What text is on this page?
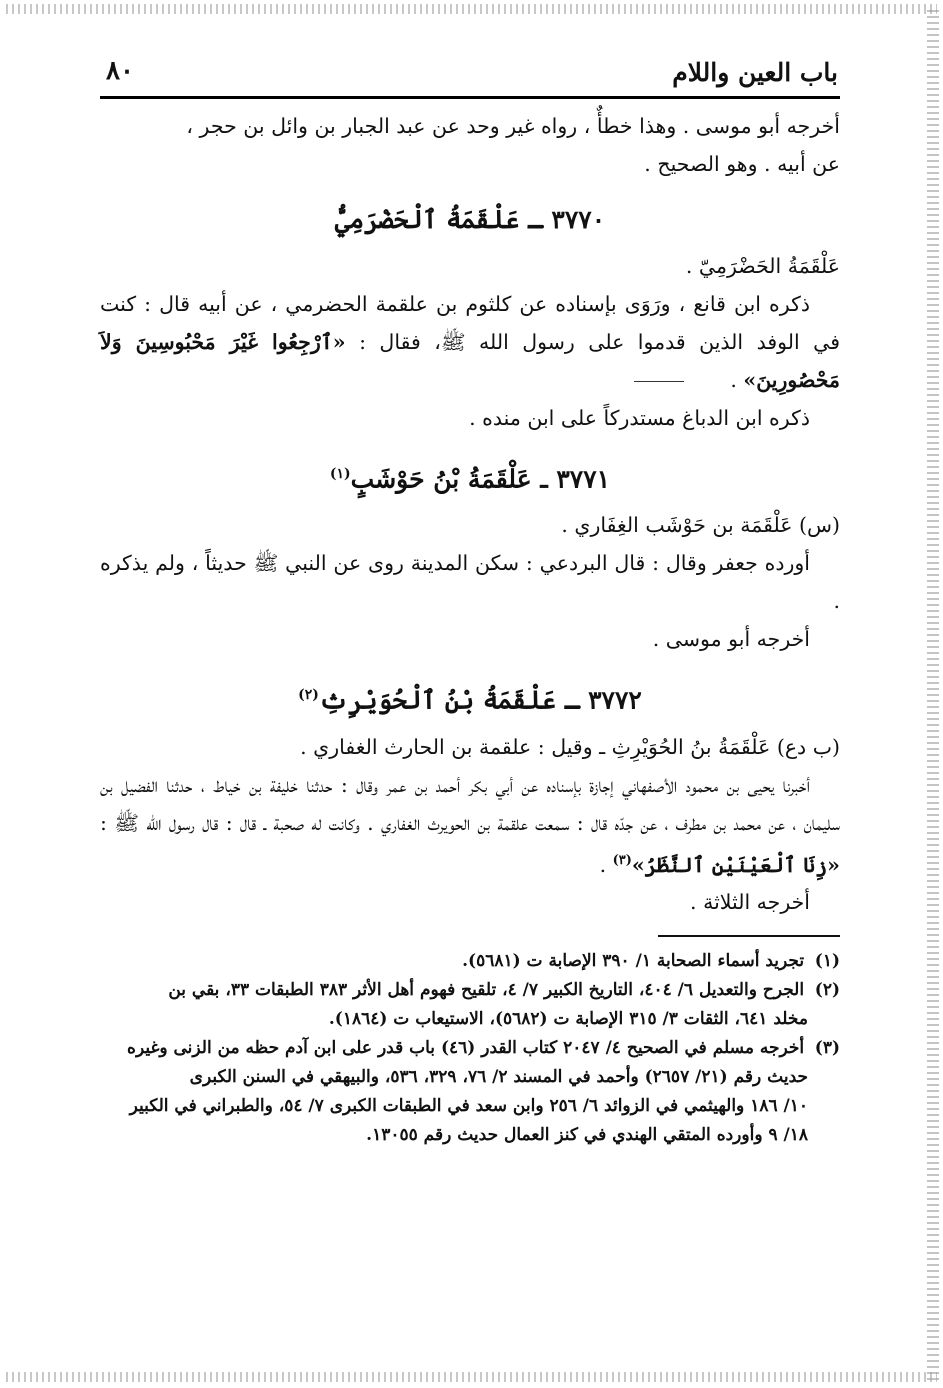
باب العين واللام
٨٠

أخرجه أبو موسى . وهذا خطأٌ ، رواه غير وحد عن عبد الجبار بن وائل بن حجر ،
عن أبيه . وهو الصحيح .

٣٧٧٠ ـ عَلْقَمَةُ ٱلْحَضْرَمِيُّ

عَلْقَمَةُ الحَضْرَمِيّ .

ذكره ابن قانع ، ورَوَى بإسناده عن كلثوم بن علقمة الحضرمي ، عن أبيه قال : كنت في الوفد الذين قدموا على رسول الله ﷺ، فقال : «ٱرْجِعُوا غَيْرَ مَحْبُوسِينَ وَلاَ مَحْصُورِينَ» .

ذكره ابن الدباغ مستدركاً على ابن منده .

٣٧٧١ ـ عَلْقَمَةُ بْنُ حَوْشَبٍ$^{(١)}$

(س) عَلْقَمَة بن حَوْشَب الغِفَاري .

أورده جعفر وقال : قال البردعي : سكن المدينة روى عن النبي ﷺ حديثاً ، ولم يذكره .

أخرجه أبو موسى .

٣٧٧٢ ـ عَلْقَمَةُ بْنُ ٱلْحُوَيْرِثِ$^{(٢)}$

(ب دع) عَلْقَمَةُ بنُ الحُوَيْرِثِ ـ وقيل : علقمة بن الحارث الغفاري .

أخبرنا يحيى بن محمود الأصفهاني إجازة بإسناده عن أبي بكر أحمد بن عمر وقال : حدثنا خليفة بن خياط ، حدثنا الفضيل بن سليمان ، عن محمد بن مطرف ، عن جدّه قال : سمعت علقمة بن الحويرث الغفاري . وكانت له صحبة ـ قال : قال رسول الله ﷺ : «زِنَا ٱلْعَيْنَيْنِ ٱلنَّظَرُ»$^{(٣)}$ .

أخرجه الثلاثة .

(١) تجريد أسماء الصحابة ١/ ٣٩٠ الإصابة ت (٥٦٨١).

(٢) الجرح والتعديل ٦/ ٤٠٤، التاريخ الكبير ٧/ ٤، تلقيح فهوم أهل الأثر ٣٨٣ الطبقات ٣٣، بقي بن
مخلد ٦٤١، الثقات ٣/ ٣١٥ الإصابة ت (٥٦٨٢)، الاستيعاب ت (١٨٦٤).

(٣) أخرجه مسلم في الصحيح ٤/ ٢٠٤٧ كتاب القدر (٤٦) باب قدر على ابن آدم حظه من الزنى وغيره
حديث رقم (٢١/ ٢٦٥٧) وأحمد في المسند ٢/ ٧٦، ٣٢٩، ٥٣٦، والبيهقي في السنن الكبرى
١٠/ ١٨٦ والهيثمي في الزوائد ٦/ ٢٥٦ وابن سعد في الطبقات الكبرى ٧/ ٥٤، والطبراني في الكبير
١٨/ ٩ وأورده المتقي الهندي في كنز العمال حديث رقم ١٣٠٥٥.
